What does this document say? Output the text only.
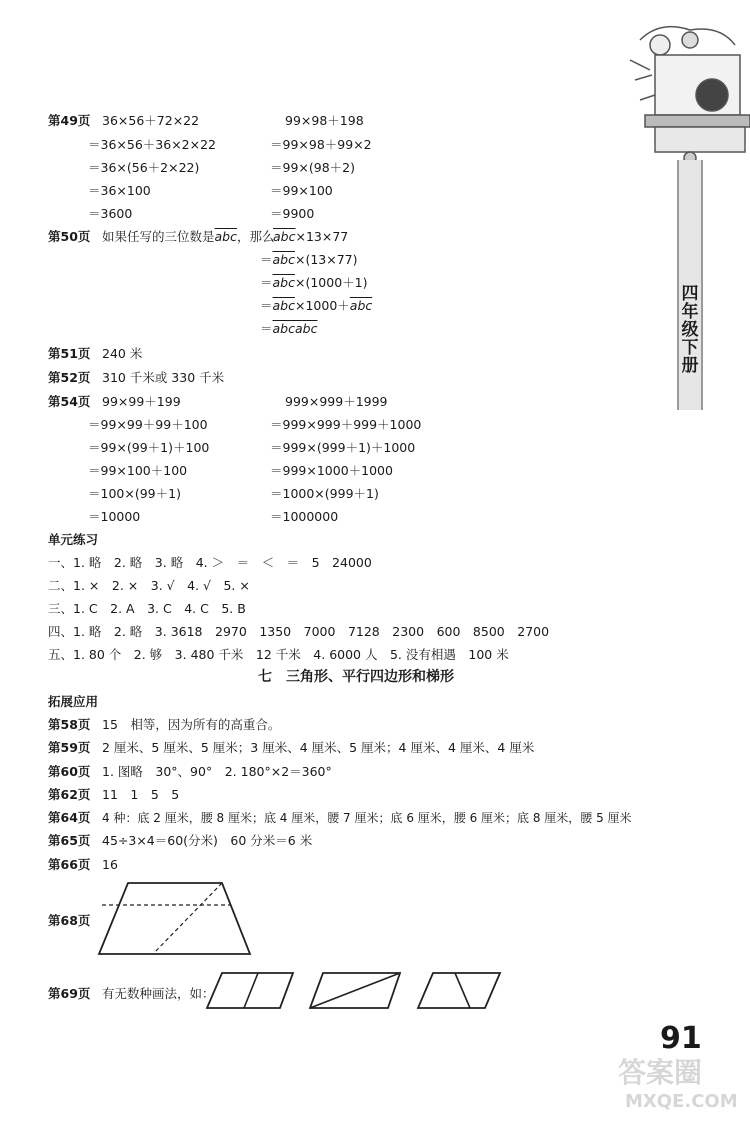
四年级下册
第49页 36×56＋72×22
＝36×56＋36×2×22
＝36×(56＋2×22)
＝36×100
＝3600
99×98＋198
＝99×98＋99×2
＝99×(98＋2)
＝99×100
＝9900
第50页 如果任写的三位数是$\overline{abc}$，那么
$\overline{abc}\times 13\times 77$
$=\overline{abc}\times(13\times 77)$
$=\overline{abc}\times(1000+1)$
$=\overline{abc}\times 1000+\overline{abc}$
＝abcabc
第51页 240 米
第52页 310 千米或 330 千米
第54页 99×99＋199
＝99×99＋99＋100
＝99×(99＋1)＋100
＝99×100＋100
＝100×(99＋1)
＝10000
999×999＋1999
＝999×999＋999＋1000
＝999×(999＋1)＋1000
＝999×1000＋1000
＝1000×(999＋1)
＝1000000
单元练习
一、1. 略　2. 略　3. 略　4. ＞　＝　＜　＝　5　24000
二、1. ×　2. ×　3. √　4. √　5. ×
三、1. C　2. A　3. C　4. C　5. B
四、1. 略　2. 略　3. 3618　2970　1350　7000　7128　2300　600　8500　2700
五、1. 80 个　2. 够　3. 480 千米　12 千米　4. 6000 人　5. 没有相遇　100 米
七　三角形、平行四边形和梯形
拓展应用
第58页 15　相等，因为所有的高重合。
第59页 2 厘米、5 厘米、5 厘米；3 厘米、4 厘米、5 厘米；4 厘米、4 厘米、4 厘米
第60页 1. 图略　30°、90°　2. 180°×2＝360°
第62页 11　1　5　5
第64页 4 种：底 2 厘米，腰 8 厘米；底 4 厘米，腰 7 厘米；底 6 厘米，腰 6 厘米；底 8 厘米，腰 5 厘米
第65页 45÷3×4＝60(分米)　60 分米＝6 米
第66页 16
第68页
第69页 有无数种画法，如：
91
答案圈
MXQE.COM
